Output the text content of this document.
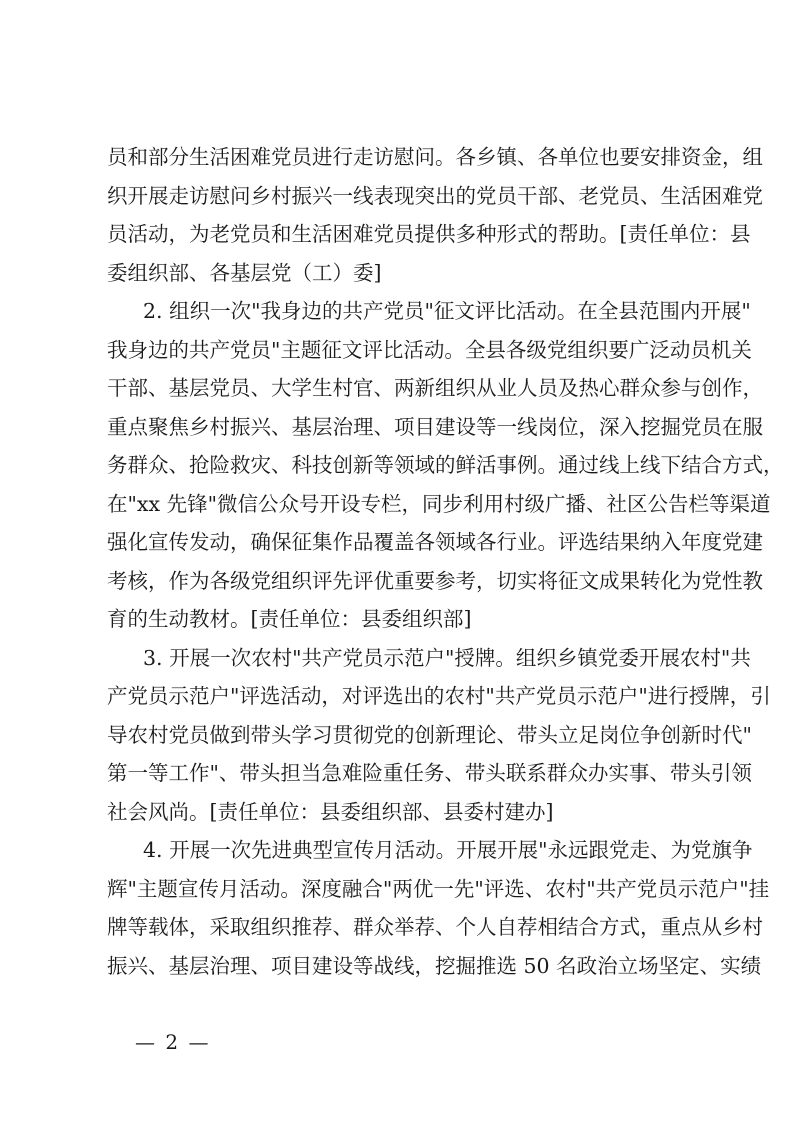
员和部分生活困难党员进行走访慰问。各乡镇、各单位也要安排资金，组
织开展走访慰问乡村振兴一线表现突出的党员干部、老党员、生活困难党
员活动，为老党员和生活困难党员提供多种形式的帮助。[责任单位：县
委组织部、各基层党（工）委]
2. 组织一次"我身边的共产党员"征文评比活动。在全县范围内开展"
我身边的共产党员"主题征文评比活动。全县各级党组织要广泛动员机关
干部、基层党员、大学生村官、两新组织从业人员及热心群众参与创作，
重点聚焦乡村振兴、基层治理、项目建设等一线岗位，深入挖掘党员在服
务群众、抢险救灾、科技创新等领域的鲜活事例。通过线上线下结合方式，
在"xx 先锋"微信公众号开设专栏，同步利用村级广播、社区公告栏等渠道
强化宣传发动，确保征集作品覆盖各领域各行业。评选结果纳入年度党建
考核，作为各级党组织评先评优重要参考，切实将征文成果转化为党性教
育的生动教材。[责任单位：县委组织部]
3. 开展一次农村"共产党员示范户"授牌。组织乡镇党委开展农村"共
产党员示范户"评选活动，对评选出的农村"共产党员示范户"进行授牌，引
导农村党员做到带头学习贯彻党的创新理论、带头立足岗位争创新时代"
第一等工作"、带头担当急难险重任务、带头联系群众办实事、带头引领
社会风尚。[责任单位：县委组织部、县委村建办]
4. 开展一次先进典型宣传月活动。开展开展"永远跟党走、为党旗争
辉"主题宣传月活动。深度融合"两优一先"评选、农村"共产党员示范户"挂
牌等载体，采取组织推荐、群众举荐、个人自荐相结合方式，重点从乡村
振兴、基层治理、项目建设等战线，挖掘推选 50 名政治立场坚定、实绩
— 2 —
